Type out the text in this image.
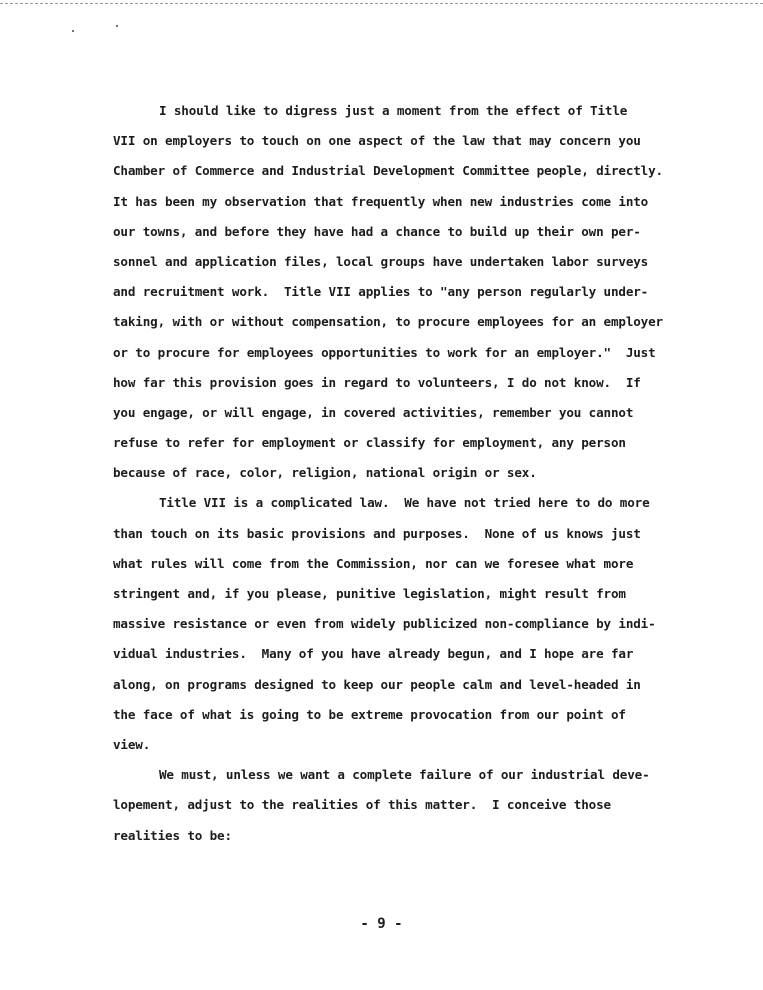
I should like to digress just a moment from the effect of Title
VII on employers to touch on one aspect of the law that may concern you
Chamber of Commerce and Industrial Development Committee people, directly.
It has been my observation that frequently when new industries come into
our towns, and before they have had a chance to build up their own per-
sonnel and application files, local groups have undertaken labor surveys
and recruitment work.  Title VII applies to "any person regularly under-
taking, with or without compensation, to procure employees for an employer
or to procure for employees opportunities to work for an employer."  Just
how far this provision goes in regard to volunteers, I do not know.  If
you engage, or will engage, in covered activities, remember you cannot
refuse to refer for employment or classify for employment, any person
because of race, color, religion, national origin or sex.
Title VII is a complicated law.  We have not tried here to do more
than touch on its basic provisions and purposes.  None of us knows just
what rules will come from the Commission, nor can we foresee what more
stringent and, if you please, punitive legislation, might result from
massive resistance or even from widely publicized non-compliance by indi-
vidual industries.  Many of you have already begun, and I hope are far
along, on programs designed to keep our people calm and level-headed in
the face of what is going to be extreme provocation from our point of
view.
We must, unless we want a complete failure of our industrial deve-
lopement, adjust to the realities of this matter.  I conceive those
realities to be:
- 9 -
